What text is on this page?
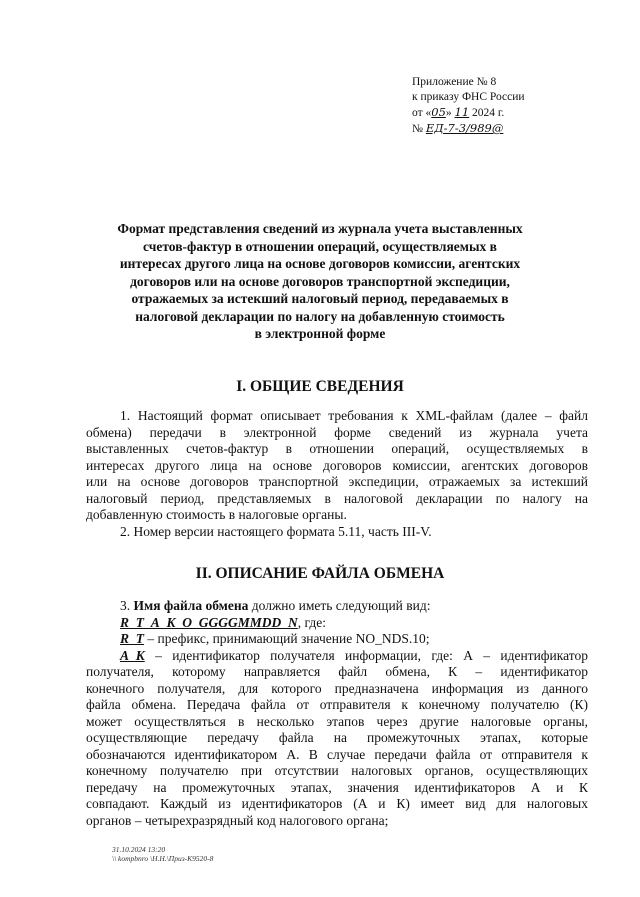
Приложение № 8
к приказу ФНС России
от «05» 11 2024 г.
№ ЕД-7-3/989@
Формат представления сведений из журнала учета выставленных
счетов-фактур в отношении операций, осуществляемых в
интересах другого лица на основе договоров комиссии, агентских
договоров или на основе договоров транспортной экспедиции,
отражаемых за истекший налоговый период, передаваемых в
налоговой декларации по налогу на добавленную стоимость
в электронной форме
I. ОБЩИЕ СВЕДЕНИЯ
1. Настоящий формат описывает требования к XML-файлам (далее – файл
обмена) передачи в электронной форме сведений из журнала учета
выставленных счетов-фактур в отношении операций, осуществляемых в
интересах другого лица на основе договоров комиссии, агентских договоров
или на основе договоров транспортной экспедиции, отражаемых за истекший
налоговый период, представляемых в налоговой декларации по налогу на
добавленную стоимость в налоговые органы.
2. Номер версии настоящего формата 5.11, часть III-V.
II. ОПИСАНИЕ ФАЙЛА ОБМЕНА
3. Имя файла обмена должно иметь следующий вид:
R_T_A_K_O_GGGGMMDD_N, где:
R_T – префикс, принимающий значение NO_NDS.10;
A_K – идентификатор получателя информации, где: А – идентификатор
получателя, которому направляется файл обмена, К – идентификатор
конечного получателя, для которого предназначена информация из данного
файла обмена. Передача файла от отправителя к конечному получателю (К)
может осуществляться в несколько этапов через другие налоговые органы,
осуществляющие передачу файла на промежуточных этапах, которые
обозначаются идентификатором А. В случае передачи файла от отправителя к
конечному получателю при отсутствии налоговых органов, осуществляющих
передачу на промежуточных этапах, значения идентификаторов А и К
совпадают. Каждый из идентификаторов (А и К) имеет вид для налоговых
органов – четырехразрядный код налогового органа;
31.10.2024 13:20
\\ kompbnro \Н.Н.\Приз-К9520-8
